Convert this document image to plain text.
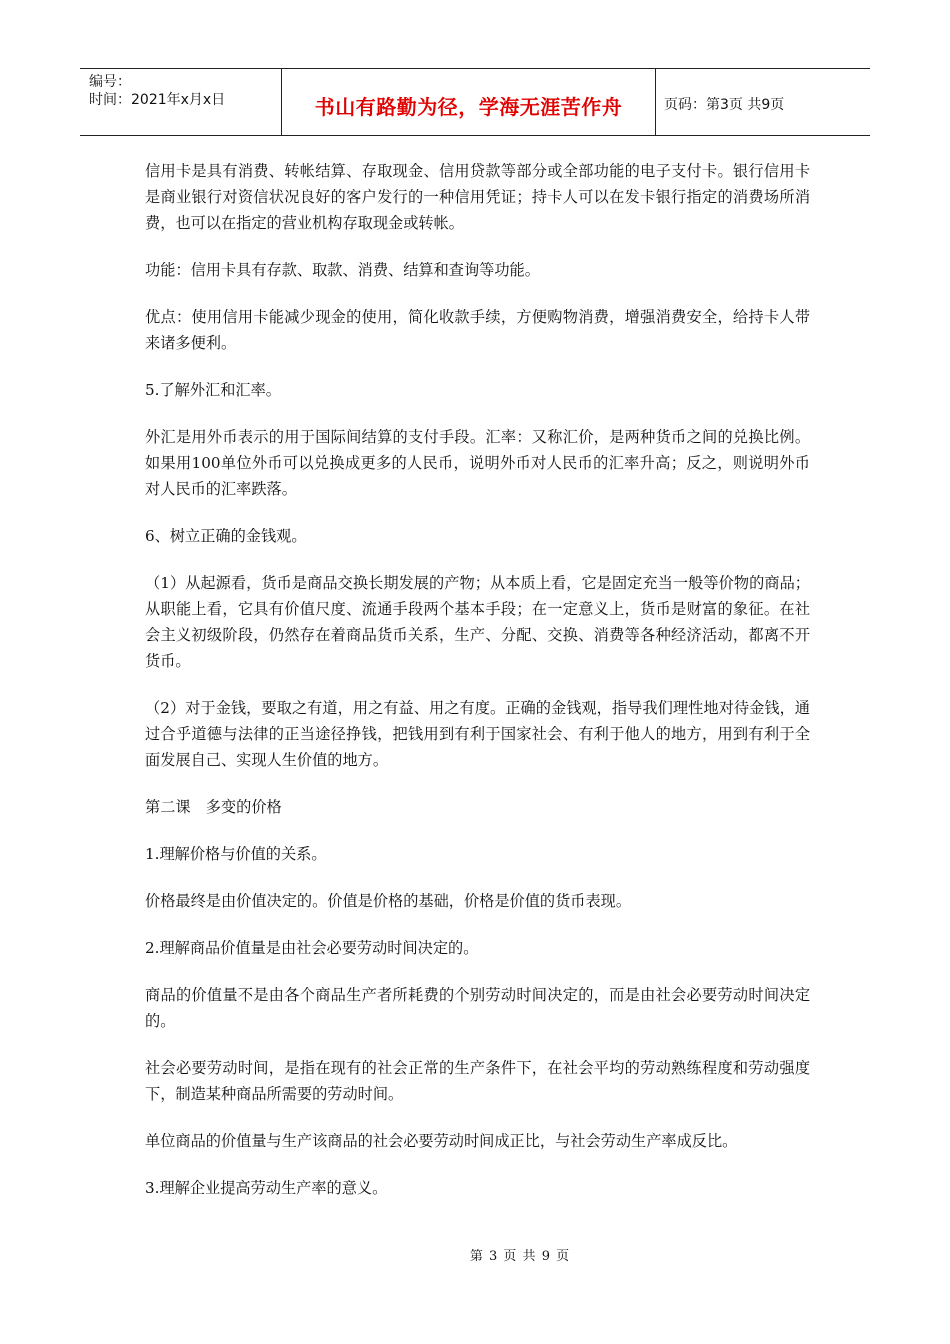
编号：
时间：2021年x月x日	书山有路勤为径，学海无涯苦作舟	页码：第3页 共9页

信用卡是具有消费、转帐结算、存取现金、信用贷款等部分或全部功能的电子支付卡。银行信用卡是商业银行对资信状况良好的客户发行的一种信用凭证；持卡人可以在发卡银行指定的消费场所消费，也可以在指定的营业机构存取现金或转帐。

功能：信用卡具有存款、取款、消费、结算和查询等功能。

优点：使用信用卡能减少现金的使用，简化收款手续，方便购物消费，增强消费安全，给持卡人带来诸多便利。

5.了解外汇和汇率。

外汇是用外币表示的用于国际间结算的支付手段。汇率：又称汇价，是两种货币之间的兑换比例。如果用100单位外币可以兑换成更多的人民币，说明外币对人民币的汇率升高；反之，则说明外币对人民币的汇率跌落。

6、树立正确的金钱观。

（1）从起源看，货币是商品交换长期发展的产物；从本质上看，它是固定充当一般等价物的商品；从职能上看，它具有价值尺度、流通手段两个基本手段；在一定意义上，货币是财富的象征。在社会主义初级阶段，仍然存在着商品货币关系，生产、分配、交换、消费等各种经济活动，都离不开货币。

（2）对于金钱，要取之有道，用之有益、用之有度。正确的金钱观，指导我们理性地对待金钱，通过合乎道德与法律的正当途径挣钱，把钱用到有利于国家社会、有利于他人的地方，用到有利于全面发展自己、实现人生价值的地方。

第二课　多变的价格

1.理解价格与价值的关系。

价格最终是由价值决定的。价值是价格的基础，价格是价值的货币表现。

2.理解商品价值量是由社会必要劳动时间决定的。

商品的价值量不是由各个商品生产者所耗费的个别劳动时间决定的，而是由社会必要劳动时间决定的。

社会必要劳动时间，是指在现有的社会正常的生产条件下，在社会平均的劳动熟练程度和劳动强度下，制造某种商品所需要的劳动时间。

单位商品的价值量与生产该商品的社会必要劳动时间成正比，与社会劳动生产率成反比。

3.理解企业提高劳动生产率的意义。

第 3 页 共 9 页
